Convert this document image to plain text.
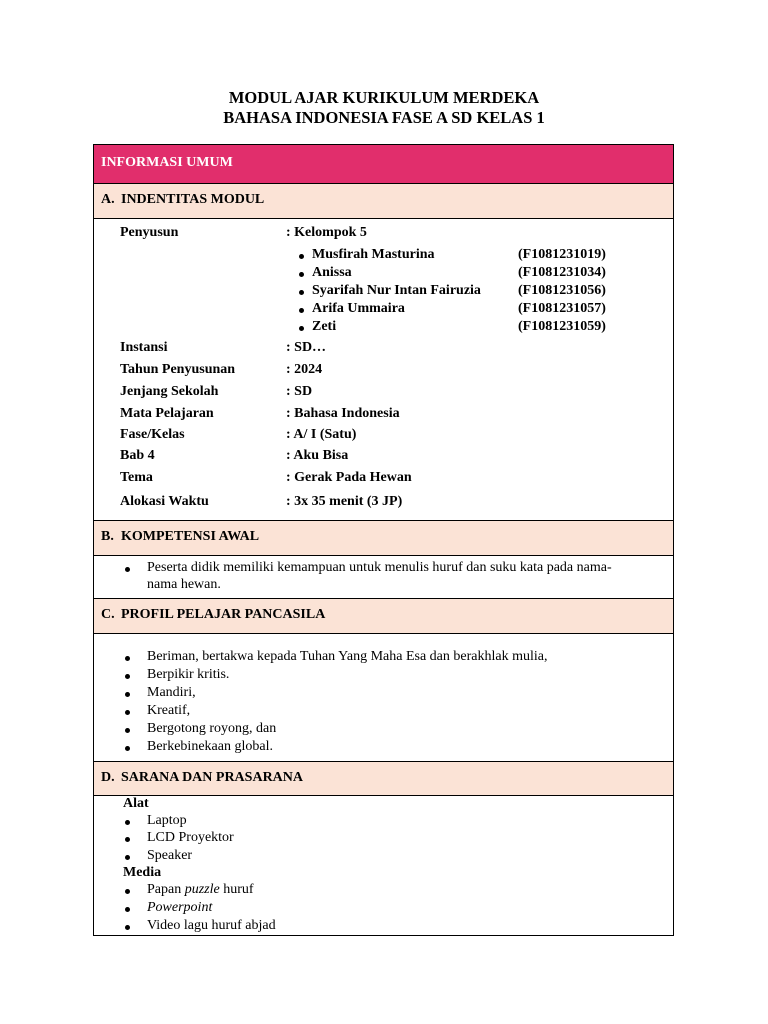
MODUL AJAR KURIKULUM MERDEKA
BAHASA INDONESIA FASE A SD KELAS 1
INFORMASI UMUM
A. INDENTITAS MODUL
Penyusun	: Kelompok 5
Musfirah Masturina	(F1081231019)
Anissa	(F1081231034)
Syarifah Nur Intan Fairuzia	(F1081231056)
Arifa Ummaira	(F1081231057)
Zeti	(F1081231059)
Instansi	: SD…
Tahun Penyusunan	: 2024
Jenjang Sekolah	: SD
Mata Pelajaran	: Bahasa Indonesia
Fase/Kelas	: A/ I (Satu)
Bab 4	: Aku Bisa
Tema	: Gerak Pada Hewan
Alokasi Waktu	: 3x 35 menit (3 JP)
B. KOMPETENSI AWAL
Peserta didik memiliki kemampuan untuk menulis huruf dan suku kata pada nama-
nama hewan.
C. PROFIL PELAJAR PANCASILA
Beriman, bertakwa kepada Tuhan Yang Maha Esa dan berakhlak mulia,
Berpikir kritis.
Mandiri,
Kreatif,
Bergotong royong, dan
Berkebinekaan global.
D. SARANA DAN PRASARANA
Alat
Laptop
LCD Proyektor
Speaker
Media
Papan puzzle huruf
Powerpoint
Video lagu huruf abjad
